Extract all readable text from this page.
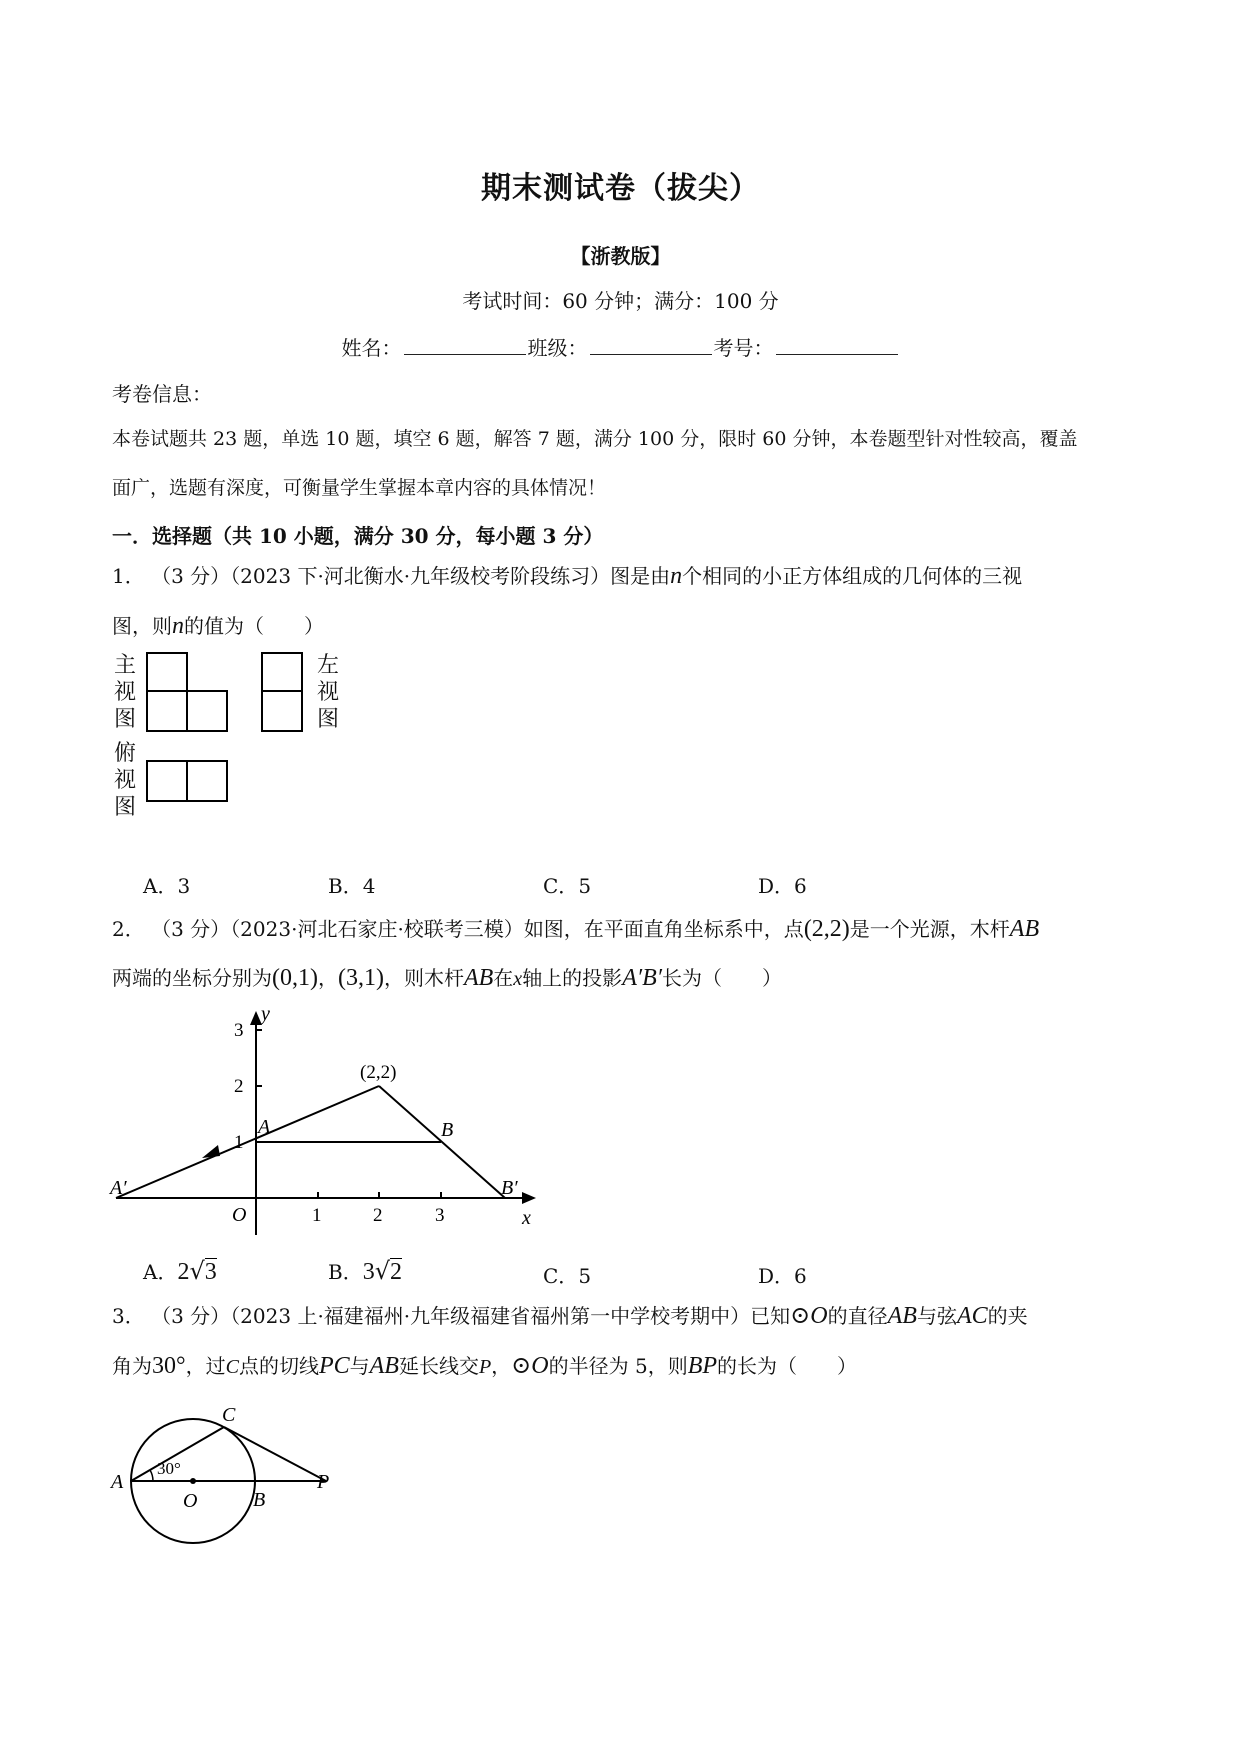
期末测试卷（拔尖）
【浙教版】
考试时间：60 分钟；满分：100 分
姓名：	班级：	考号：
考卷信息：
本卷试题共 23 题，单选 10 题，填空 6 题，解答 7 题，满分 100 分，限时 60 分钟，本卷题型针对性较高，覆盖
面广，选题有深度，可衡量学生掌握本章内容的具体情况！
一．选择题（共 10 小题，满分 30 分，每小题 3 分）
1． （3 分）（2023 下·河北衡水·九年级校考阶段练习）图是由n个相同的小正方体组成的几何体的三视
图，则n的值为（　　）
主视图
左视图
俯视图
A．3	B．4	C．5	D．6
2． （3 分）（2023·河北石家庄·校联考三模）如图，在平面直角坐标系中，点(2,2)是一个光源，木杆AB
两端的坐标分别为(0,1)，(3,1)，则木杆AB在x轴上的投影A′B′长为（　　）
y
x
O
1
2
3
1	2	3
(2,2)
A	B
A′	B′
A．2√3	B．3√2	C．5	D．6
3． （3 分）（2023 上·福建福州·九年级福建省福州第一中学校考期中）已知⊙O的直径AB与弦AC的夹
角为30°，过C点的切线PC与AB延长线交P，⊙O的半径为 5，则BP的长为（　　）
A
C
O	B
P
30°
